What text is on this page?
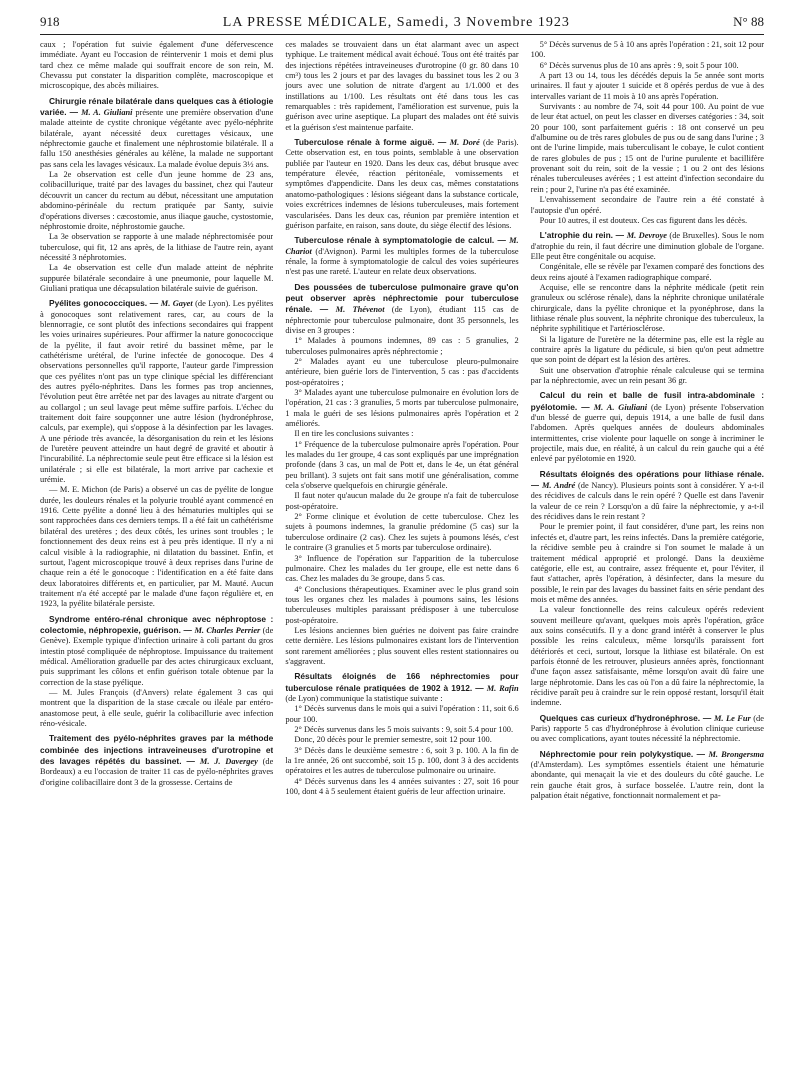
918	LA PRESSE MÉDICALE, Samedi, 3 Novembre 1923	N° 88

caux ; l'opération fut suivie également d'une défervescence immédiate. Ayant eu l'occasion de réintervenir 1 mois et demi plus tard chez ce même malade qui souffrait encore de son rein, M. Chevassu put constater la disparition complète, macroscopique et microscopique, des abcès miliaires.

Chirurgie rénale bilatérale dans quelques cas à étiologie variée. — M. A. Giuliani présente une première observation d'une malade atteinte de cystite chronique végétante avec pyélo-néphrite bilatérale, ayant nécessité deux curettages vésicaux, une néphrectomie gauche et finalement une néphrostomie bilatérale. Il a fallu 150 anesthésies générales au kélène, la malade ne supportant pas sans cela les lavages vésicaux. La malade évolue depuis 3½ ans.

La 2e observation est celle d'un jeune homme de 23 ans, colibacillurique, traité par des lavages du bassinet, chez qui l'auteur découvrit un cancer du rectum au début, nécessitant une amputation abdomino-périnéale du rectum pratiquée par Santy, suivie d'opérations diverses : cæcostomie, anus iliaque gauche, cystostomie, néphrostomie droite, néphrostomie gauche.

La 3e observation se rapporte à une malade néphrectomisée pour tuberculose, qui fit, 12 ans après, de la lithiase de l'autre rein, ayant nécessité 3 néphrotomies.

La 4e observation est celle d'un malade atteint de néphrite suppurée bilatérale secondaire à une pneumonie, pour laquelle M. Giuliani pratiqua une décapsulation bilatérale suivie de guérison.

Pyélites gonococciques. — M. Gayet (de Lyon). Les pyélites à gonocoques sont relativement rares, car, au cours de la blennorragie, ce sont plutôt des infections secondaires qui frappent les voies urinaires supérieures. Pour affirmer la nature gonococcique de la pyélite, il faut avoir retiré du bassinet même, par le cathétérisme urétéral, de l'urine infectée de gonocoque. Des 4 observations personnelles qu'il rapporte, l'auteur garde l'impression que ces pyélites n'ont pas un type clinique spécial les différenciant des autres pyélo-néphrites. Dans les formes pas trop anciennes, l'évolution peut être arrêtée net par des lavages au nitrate d'argent ou au collargol ; un seul lavage peut même suffire parfois. L'échec du traitement doit faire soupçonner une autre lésion (hydronéphrose, calculs, par exemple), qui s'oppose à la désinfection par les lavages. A une période très avancée, la désorganisation du rein et les lésions de l'uretère peuvent atteindre un haut degré de gravité et aboutir à l'incurabilité. La néphrectomie seule peut être efficace si la lésion est unilatérale ; si elle est bilatérale, la mort arrive par cachexie et urémie.

— M. E. Michon (de Paris) a observé un cas de pyélite de longue durée, les douleurs rénales et la polyurie troublé ayant commencé en 1916. Cette pyélite a donné lieu à des hématuries multiples qui se sont rapprochées dans ces derniers temps. Il a été fait un cathétérisme bilatéral des uretères ; des deux côtés, les urines sont troubles ; le fonctionnement des deux reins est à peu près identique. Il n'y a ni calcul visible à la radiographie, ni dilatation du bassinet. Enfin, et surtout, l'agent microscopique trouvé à deux reprises dans l'urine de chaque rein a été le gonocoque : l'identification en a été faite dans deux laboratoires différents et, en particulier, par M. Mauté. Aucun traitement n'a été accepté par le malade d'une façon régulière et, en 1923, la pyélite bilatérale persiste.

Syndrome entéro-rénal chronique avec néphroptose : colectomie, néphropexie, guérison. — M. Charles Perrier (de Genève). Exemple typique d'infection urinaire à coli partant du gros intestin ptosé compliquée de néphroptose. Impuissance du traitement médical. Amélioration graduelle par des actes chirurgicaux excluant, puis supprimant les côlons et enfin guérison totale obtenue par la correction de la stase pyélique.

— M. Jules François (d'Anvers) relate également 3 cas qui montrent que la disparition de la stase cæcale ou iléale par entéro-anastomose peut, à elle seule, guérir la colibacillurie avec infection réno-vésicale.

Traitement des pyélo-néphrites graves par la méthode combinée des injections intraveineuses d'urotropine et des lavages répétés du bassinet. — M. J. Davergey (de Bordeaux) a eu l'occasion de traiter 11 cas de pyélo-néphrites graves d'origine colibacillaire dont 3 de la grossesse. Certains de

ces malades se trouvaient dans un état alarmant avec un aspect typhique. Le traitement médical avait échoué. Tous ont été traités par des injections répétées intraveineuses d'urotropine (0 gr. 80 dans 10 cm³) tous les 2 jours et par des lavages du bassinet tous les 2 ou 3 jours avec une solution de nitrate d'argent au 1/1.000 et des instillations au 1/100. Les résultats ont été dans tous les cas remarquables : très rapidement, l'amélioration est survenue, puis la guérison avec urine aseptique. La plupart des malades ont été suivis et la guérison s'est maintenue parfaite.

Tuberculose rénale à forme aiguë. — M. Doré (de Paris). Cette observation est, en tous points, semblable à une observation publiée par l'auteur en 1920. Dans les deux cas, début brusque avec température élevée, réaction péritonéale, vomissements et symptômes d'appendicite. Dans les deux cas, mêmes constatations anatomo-pathologiques : lésions siégeant dans la substance corticale, voies excrétrices indemnes de lésions tuberculeuses, mais fortement vascularisées. Dans les deux cas, réunion par première intention et guérison parfaite, en raison, sans doute, du siège électif des lésions.

Tuberculose rénale à symptomatologie de calcul. — M. Chariot (d'Avignon). Parmi les multiples formes de la tuberculose rénale, la forme à symptomatologie de calcul des voies supérieures n'est pas une rareté. L'auteur en relate deux observations.

Des poussées de tuberculose pulmonaire grave qu'on peut observer après néphrectomie pour tuberculose rénale. — M. Thévenot (de Lyon), étudiant 115 cas de néphrectomie pour tuberculose pulmonaire, dont 35 personnels, les divise en 3 groupes :

1° Malades à poumons indemnes, 89 cas : 5 granulies, 2 tuberculoses pulmonaires après néphrectomie ;

2° Malades ayant eu une tuberculose pleuro-pulmonaire antérieure, bien guérie lors de l'intervention, 5 cas : pas d'accidents post-opératoires ;

3° Malades ayant une tuberculose pulmonaire en évolution lors de l'opération, 21 cas : 3 granulies, 5 morts par tuberculose pulmonaire, 1 mala le guéri de ses lésions pulmonaires après l'opération et 2 améliorés.

Il en tire les conclusions suivantes :

1° Fréquence de la tuberculose pulmonaire après l'opération. Pour les malades du 1er groupe, 4 cas sont expliqués par une imprégnation profonde (dans 3 cas, un mal de Pott et, dans le 4e, un état général peu brillant). 3 sujets ont fait sans motif une généralisation, comme cela s'observe quelquefois en chirurgie générale.

Il faut noter qu'aucun malade du 2e groupe n'a fait de tuberculose post-opératoire.

2° Forme clinique et évolution de cette tuberculose. Chez les sujets à poumons indemnes, la granulie prédomine (5 cas) sur la tuberculose ordinaire (2 cas). Chez les sujets à poumons lésés, c'est le contraire (3 granulies et 5 morts par tuberculose ordinaire).

3° Influence de l'opération sur l'apparition de la tuberculose pulmonaire. Chez les malades du 1er groupe, elle est nette dans 6 cas. Chez les malades du 3e groupe, dans 5 cas.

4° Conclusions thérapeutiques. Examiner avec le plus grand soin tous les organes chez les malades à poumons sains, les lésions tuberculeuses multiples paraissant prédisposer à une tuberculose post-opératoire.

Les lésions anciennes bien guéries ne doivent pas faire craindre cette dernière. Les lésions pulmonaires existant lors de l'intervention sont rarement améliorées ; plus souvent elles restent stationnaires ou s'aggravent.

Résultats éloignés de 166 néphrectomies pour tuberculose rénale pratiquées de 1902 à 1912. — M. Rafin (de Lyon) communique la statistique suivante :

1° Décès survenus dans le mois qui a suivi l'opération : 11, soit 6.6 pour 100.

2° Décès survenus dans les 5 mois suivants : 9, soit 5.4 pour 100.

Donc, 20 décès pour le premier semestre, soit 12 pour 100.

3° Décès dans le deuxième semestre : 6, soit 3 p. 100. A la fin de la 1re année, 26 ont succombé, soit 15 p. 100, dont 3 à des accidents opératoires et les autres de tuberculose pulmonaire ou urinaire.

4° Décès survenus dans les 4 années suivantes : 27, soit 16 pour 100, dont 4 à 5 seulement étaient guéris de leur affection urinaire.

5° Décès survenus de 5 à 10 ans après l'opération : 21, soit 12 pour 100.

6° Décès survenus plus de 10 ans après : 9, soit 5 pour 100.

A part 13 ou 14, tous les décédés depuis la 5e année sont morts urinaires. Il faut y ajouter 1 suicide et 8 opérés perdus de vue à des intervalles variant de 11 mois à 10 ans après l'opération.

Survivants : au nombre de 74, soit 44 pour 100. Au point de vue de leur état actuel, on peut les classer en diverses catégories : 34, soit 20 pour 100, sont parfaitement guéris : 18 ont conservé un peu d'albumine ou de très rares globules de pus ou de sang dans l'urine ; 3 ont de l'urine limpide, mais tuberculisant le cobaye, le culot contient de rares globules de pus ; 15 ont de l'urine purulente et bacillifère provenant soit du rein, soit de la vessie ; 1 ou 2 ont des lésions rénales tuberculeuses avérées ; 1 est atteint d'infection secondaire du rein ; pour 2, l'urine n'a pas été examinée.

L'envahissement secondaire de l'autre rein a été constaté à l'autopsie d'un opéré.

Pour 10 autres, il est douteux. Ces cas figurent dans les décès.

L'atrophie du rein. — M. Devroye (de Bruxelles). Sous le nom d'atrophie du rein, il faut décrire une diminution globale de l'organe. Elle peut être congénitale ou acquise.

Congénitale, elle se révèle par l'examen comparé des fonctions des deux reins ajouté à l'examen radiographique comparé.

Acquise, elle se rencontre dans la néphrite médicale (petit rein granuleux ou sclérose rénale), dans la néphrite chronique unilatérale chirurgicale, dans la pyélite chronique et la pyonéphrose, dans la lithiase rénale plus souvent, la néphrite chronique des tuberculeux, la néphrite syphilitique et l'artériosclérose.

Si la ligature de l'uretère ne la détermine pas, elle est la règle au contraire après la ligature du pédicule, si bien qu'on peut admettre que son point de départ est la lésion des artères.

Suit une observation d'atrophie rénale calculeuse qui se termina par la néphrectomie, avec un rein pesant 36 gr.

Calcul du rein et balle de fusil intra-abdominale : pyélotomie. — M. A. Giuliani (de Lyon) présente l'observation d'un blessé de guerre qui, depuis 1914, a une balle de fusil dans l'abdomen. Après quelques années de douleurs abdominales intermittentes, crise violente pour laquelle on songe à incriminer le projectile, mais due, en réalité, à un calcul du rein gauche qui a été enlevé par pyélotomie en 1920.

Résultats éloignés des opérations pour lithiase rénale. — M. André (de Nancy). Plusieurs points sont à considérer. Y a-t-il des récidives de calculs dans le rein opéré ? Quelle est dans l'avenir la valeur de ce rein ? Lorsqu'on a dû faire la néphrectomie, y a-t-il des récidives dans le rein restant ?

Pour le premier point, il faut considérer, d'une part, les reins non infectés et, d'autre part, les reins infectés. Dans la première catégorie, la récidive semble peu à craindre si l'on soumet le malade à un traitement médical approprié et prolongé. Dans la deuxième catégorie, elle est, au contraire, assez fréquente et, pour l'éviter, il faut s'attacher, après l'opération, à désinfecter, dans la mesure du possible, le rein par des lavages du bassinet faits en série pendant des mois et même des années.

La valeur fonctionnelle des reins calculeux opérés redevient souvent meilleure qu'avant, quelques mois après l'opération, grâce aux soins consécutifs. Il y a donc grand intérêt à conserver le plus possible les reins calculeux, même lorsqu'ils paraissent fort détériorés et ceci, surtout, lorsque la lithiase est bilatérale. On est parfois étonné de les retrouver, plusieurs années après, fonctionnant d'une façon assez satisfaisante, même lorsqu'on avait dû faire une large néphrotomie. Dans les cas où l'on a dû faire la néphrectomie, la récidive paraît peu à craindre sur le rein opposé restant, lorsqu'il était indemne.

Quelques cas curieux d'hydronéphrose. — M. Le Fur (de Paris) rapporte 5 cas d'hydronéphrose à évolution clinique curieuse ou avec complications, ayant toutes nécessité la néphrectomie.

Néphrectomie pour rein polykystique. — M. Brongersma (d'Amsterdam). Les symptômes essentiels étaient une hématurie abondante, qui menaçait la vie et des douleurs du côté gauche. Le rein gauche était gros, à surface bosselée. L'autre rein, dont la palpation était négative, fonctionnait normalement et pa-
